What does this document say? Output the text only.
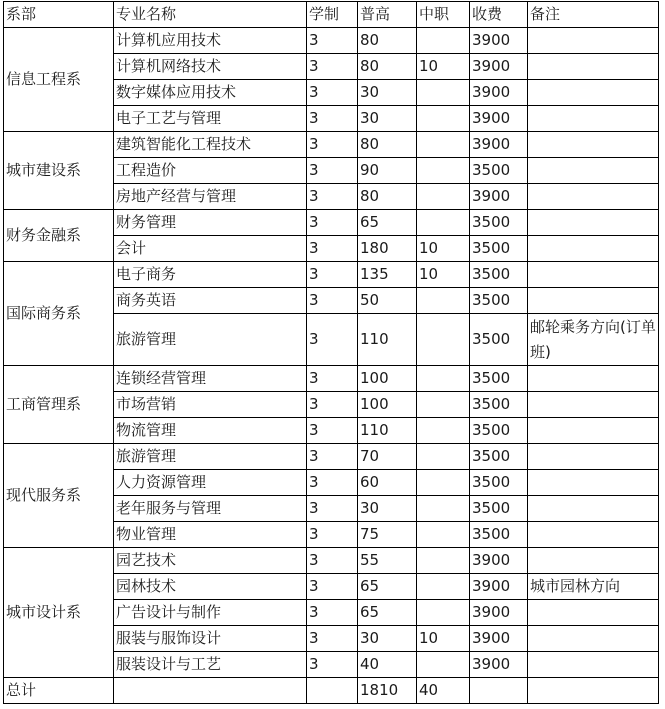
系部	专业名称	学制	普高	中职	收费	备注
信息工程系	计算机应用技术	3	80		3900	
	计算机网络技术	3	80	10	3900	
	数字媒体应用技术	3	30		3900	
	电子工艺与管理	3	30		3900	
城市建设系	建筑智能化工程技术	3	80		3900	
	工程造价	3	90		3500	
	房地产经营与管理	3	80		3900	
财务金融系	财务管理	3	65		3500	
	会计	3	180	10	3500	
国际商务系	电子商务	3	135	10	3500	
	商务英语	3	50		3500	
	旅游管理	3	110		3500	邮轮乘务方向(订单班)
工商管理系	连锁经营管理	3	100		3500	
	市场营销	3	100		3500	
	物流管理	3	110		3500	
现代服务系	旅游管理	3	70		3500	
	人力资源管理	3	60		3500	
	老年服务与管理	3	30		3500	
	物业管理	3	75		3500	
城市设计系	园艺技术	3	55		3900	
	园林技术	3	65		3900	城市园林方向
	广告设计与制作	3	65		3900	
	服装与服饰设计	3	30	10	3900	
	服装设计与工艺	3	40		3900	
总计			1810	40		
